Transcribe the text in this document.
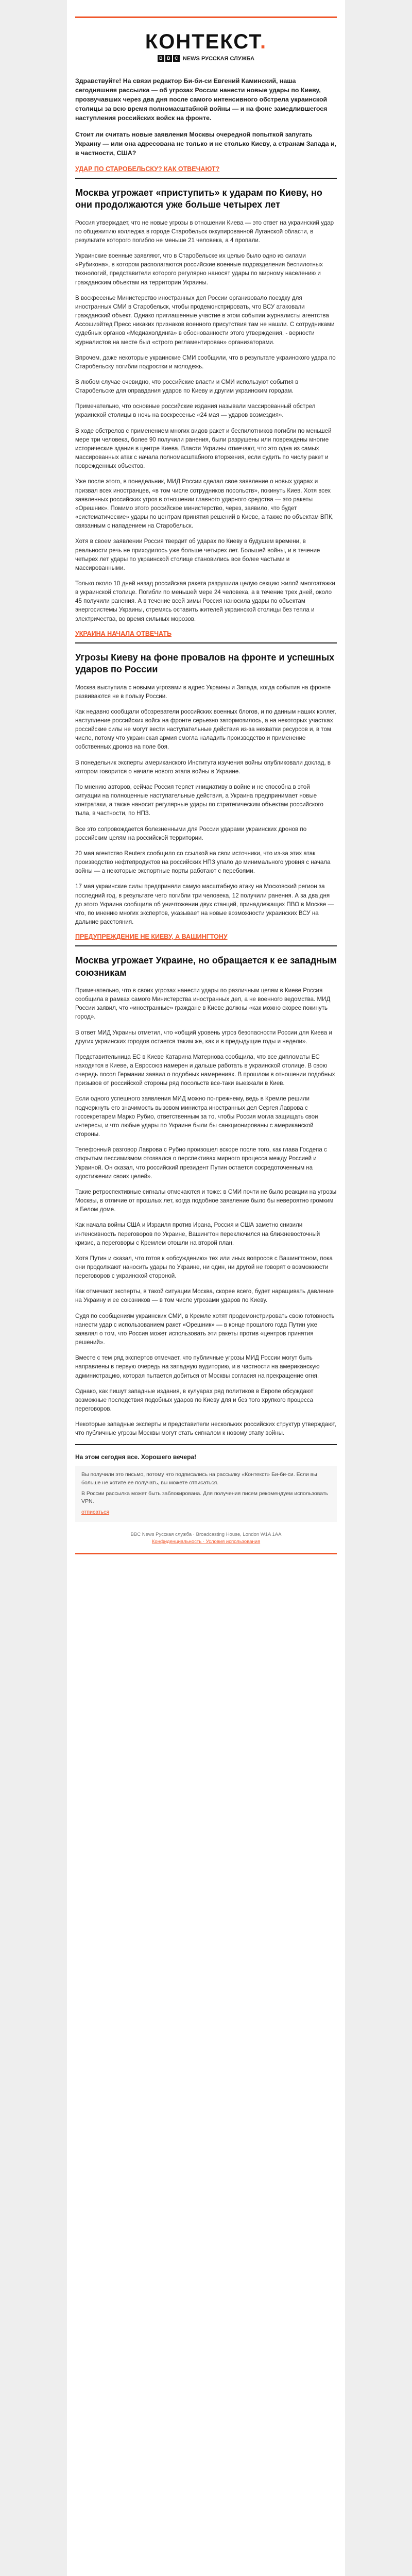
КОНТЕКСТ.
B B C NEWS РУССКАЯ СЛУЖБА

Здравствуйте! На связи редактор Би-би-си Евгений Каминский, наша сегодняшняя рассылка — об угрозах России нанести новые удары по Киеву, прозвучавших через два дня после самого интенсивного обстрела украинской столицы за всю время полномасштабной войны — и на фоне замедлившегося наступления российских войск на фронте.

Стоит ли считать новые заявления Москвы очередной попыткой запугать Украину — или она адресована не только и не столько Киеву, а странам Запада и, в частности, США?

УДАР ПО СТАРОБЕЛЬСКУ? КАК ОТВЕЧАЮТ?
Москва угрожает «приступить» к ударам по Киеву, но они продолжаются уже больше четырех лет

Россия утверждает, что не новые угрозы в отношении Киева — это ответ на украинский удар по общежитию колледжа в городе Старобельск оккупированной Луганской области, в результате которого погибло не меньше 21 человека, а 4 пропали.

Украинские военные заявляют, что в Старобельске их целью было одно из силами «Рубикона», в котором располагаются российские военные подразделения беспилотных технологий, представители которого регулярно наносят удары по мирному населению и гражданским объектам на территории Украины.

В воскресенье Министерство иностранных дел России организовало поездку для иностранных СМИ в Старобельск, чтобы продемонстрировать, что ВСУ атаковали гражданский объект. Однако приглашенные участие в этом событии журналисты агентства Ассошиэйтед Пресс никаких признаков военного присутствия там не нашли. С сотрудниками судебных органов «Медиахолдинга» в обоснованности этого утверждения, - верности журналистов на месте был «строго регламентирован» организаторами.

Впрочем, даже некоторые украинские СМИ сообщили, что в результате украинского удара по Старобельску погибли подростки и молодежь.

В любом случае очевидно, что российские власти и СМИ используют события в Старобельске для оправдания ударов по Киеву и другим украинским городам.

Примечательно, что основные российские издания называли массированный обстрел украинской столицы в ночь на воскресенье «24 мая — ударов возмездия».

В ходе обстрелов с применением многих видов ракет и беспилотников погибли по меньшей мере три человека, более 90 получили ранения, были разрушены или повреждены многие исторические здания в центре Киева. Власти Украины отмечают, что это одна из самых массированных атак с начала полномасштабного вторжения, если судить по числу ракет и поврежденных объектов.

Уже после этого, в понедельник, МИД России сделал свое заявление о новых ударах и призвал всех иностранцев, «в том числе сотрудников посольств», покинуть Киев. Хотя всех заявленных российских угроз в отношении главного ударного средства — это ракеты «Орешник». Помимо этого российское министерство, через, заявило, что будет «систематические» удары по центрам принятия решений в Киеве, а также по объектам ВПК, связанным с нападением на Старобельск.

Хотя в своем заявлении Россия твердит об ударах по Киеву в будущем времени, в реальности речь не приходилось уже больше четырех лет. Большей войны, и в течение четырех лет удары по украинской столице становились все более частыми и массированными.

Только около 10 дней назад российская ракета разрушила целую секцию жилой многоэтажки в украинской столице. Погибли по меньшей мере 24 человека, а в течение трех дней, около 45 получили ранения. А в течение всей зимы Россия наносила удары по объектам энергосистемы Украины, стремясь оставить жителей украинской столицы без тепла и электричества, во время сильных морозов.

УКРАИНА НАЧАЛА ОТВЕЧАТЬ
Угрозы Киеву на фоне провалов на фронте и успешных ударов по России

Москва выступила с новыми угрозами в адрес Украины и Запада, когда события на фронте развиваются не в пользу России.

Как недавно сообщали обозреватели российских военных блогов, и по данным наших коллег, наступление российских войск на фронте серьезно затормозилось, а на некоторых участках российские силы не могут вести наступательные действия из-за нехватки ресурсов и, в том числе, потому что украинская армия смогла наладить производство и применение собственных дронов на поле боя.

В понедельник эксперты американского Института изучения войны опубликовали доклад, в котором говорится о начале нового этапа войны в Украине.

По мнению авторов, сейчас Россия теряет инициативу в войне и не способна в этой ситуации на полноценные наступательные действия, а Украина предпринимает новые контратаки, а также наносит регулярные удары по стратегическим объектам российского тыла, в частности, по НПЗ.

Все это сопровождается болезненными для России ударами украинских дронов по российским целям на российской территории.

20 мая агентство Reuters сообщило со ссылкой на свои источники, что из-за этих атак производство нефтепродуктов на российских НПЗ упало до минимального уровня с начала войны — а некоторые экспортные порты работают с перебоями.

17 мая украинские силы предприняли самую масштабную атаку на Московский регион за последний год, в результате чего погибли три человека, 12 получили ранения. А за два дня до этого Украина сообщила об уничтожении двух станций, принадлежащих ПВО в Москве — что, по мнению многих экспертов, указывает на новые возможности украинских ВСУ на дальние расстояния.

ПРЕДУПРЕЖДЕНИЕ НЕ КИЕВУ, А ВАШИНГТОНУ
Москва угрожает Украине, но обращается к ее западным союзникам

Примечательно, что в своих угрозах нанести удары по различным целям в Киеве Россия сообщила в рамках самого Министерства иностранных дел, а не военного ведомства. МИД России заявил, что «иностранные» граждане в Киеве должны «как можно скорее покинуть город».

В ответ МИД Украины отметил, что «общий уровень угроз безопасности России для Киева и других украинских городов остается таким же, как и в предыдущие годы и недели».

Представительница ЕС в Киеве Катарина Матернова сообщила, что все дипломаты ЕС находятся в Киеве, а Евросоюз намерен и дальше работать в украинской столице. В свою очередь посол Германии заявил о подобных намерениях. В прошлом в отношении подобных призывов от российской стороны ряд посольств все-таки выезжали в Киев.

Если одного успешного заявления МИД можно по-прежнему, ведь в Кремле решили подчеркнуть его значимость вызовом министра иностранных дел Сергея Лаврова с госсекретарем Марко Рубио, ответственным за то, чтобы Россия могла защищать свои интересы, и что любые удары по Украине были бы санкционированы с американской стороны.

Телефонный разговор Лаврова с Рубио произошел вскоре после того, как глава Госдепа с открытым пессимизмом отозвался о перспективах мирного процесса между Россией и Украиной. Он сказал, что российский президент Путин остается сосредоточенным на «достижении своих целей».

Такие ретроспективные сигналы отмечаются и тоже: в СМИ почти не было реакции на угрозы Москвы, в отличие от прошлых лет, когда подобное заявление было бы невероятно громким в Белом доме.

Как начала войны США и Израиля против Ирана, Россия и США заметно снизили интенсивность переговоров по Украине, Вашингтон переключился на ближневосточный кризис, а переговоры с Кремлем отошли на второй план.

Хотя Путин и сказал, что готов к «обсуждению» тех или иных вопросов с Вашингтоном, пока они продолжают наносить удары по Украине, ни один, ни другой не говорят о возможности переговоров с украинской стороной.

Как отмечают эксперты, в такой ситуации Москва, скорее всего, будет наращивать давление на Украину и ее союзников — в том числе угрозами ударов по Киеву.

Судя по сообщениям украинских СМИ, в Кремле хотят продемонстрировать свою готовность нанести удар с использованием ракет «Орешник» — в конце прошлого года Путин уже заявлял о том, что Россия может использовать эти ракеты против «центров принятия решений».

Вместе с тем ряд экспертов отмечает, что публичные угрозы МИД России могут быть направлены в первую очередь на западную аудиторию, и в частности на американскую администрацию, которая пытается добиться от Москвы согласия на прекращение огня.

Однако, как пишут западные издания, в кулуарах ряд политиков в Европе обсуждают возможные последствия подобных ударов по Киеву для и без того хрупкого процесса переговоров.

Некоторые западные эксперты и представители нескольких российских структур утверждают, что публичные угрозы Москвы могут стать сигналом к новому этапу войны.

На этом сегодня все. Хорошего вечера!
Вы получили это письмо, потому что подписались на рассылку «Контекст» Би-би-си. Если вы больше не хотите ее получать, вы можете отписаться.
В России рассылка может быть заблокирована. Для получения писем рекомендуем использовать VPN.
отписаться
BBC News Русская служба · Broadcasting House, London W1A 1AA
Конфиденциальность · Условия использования
